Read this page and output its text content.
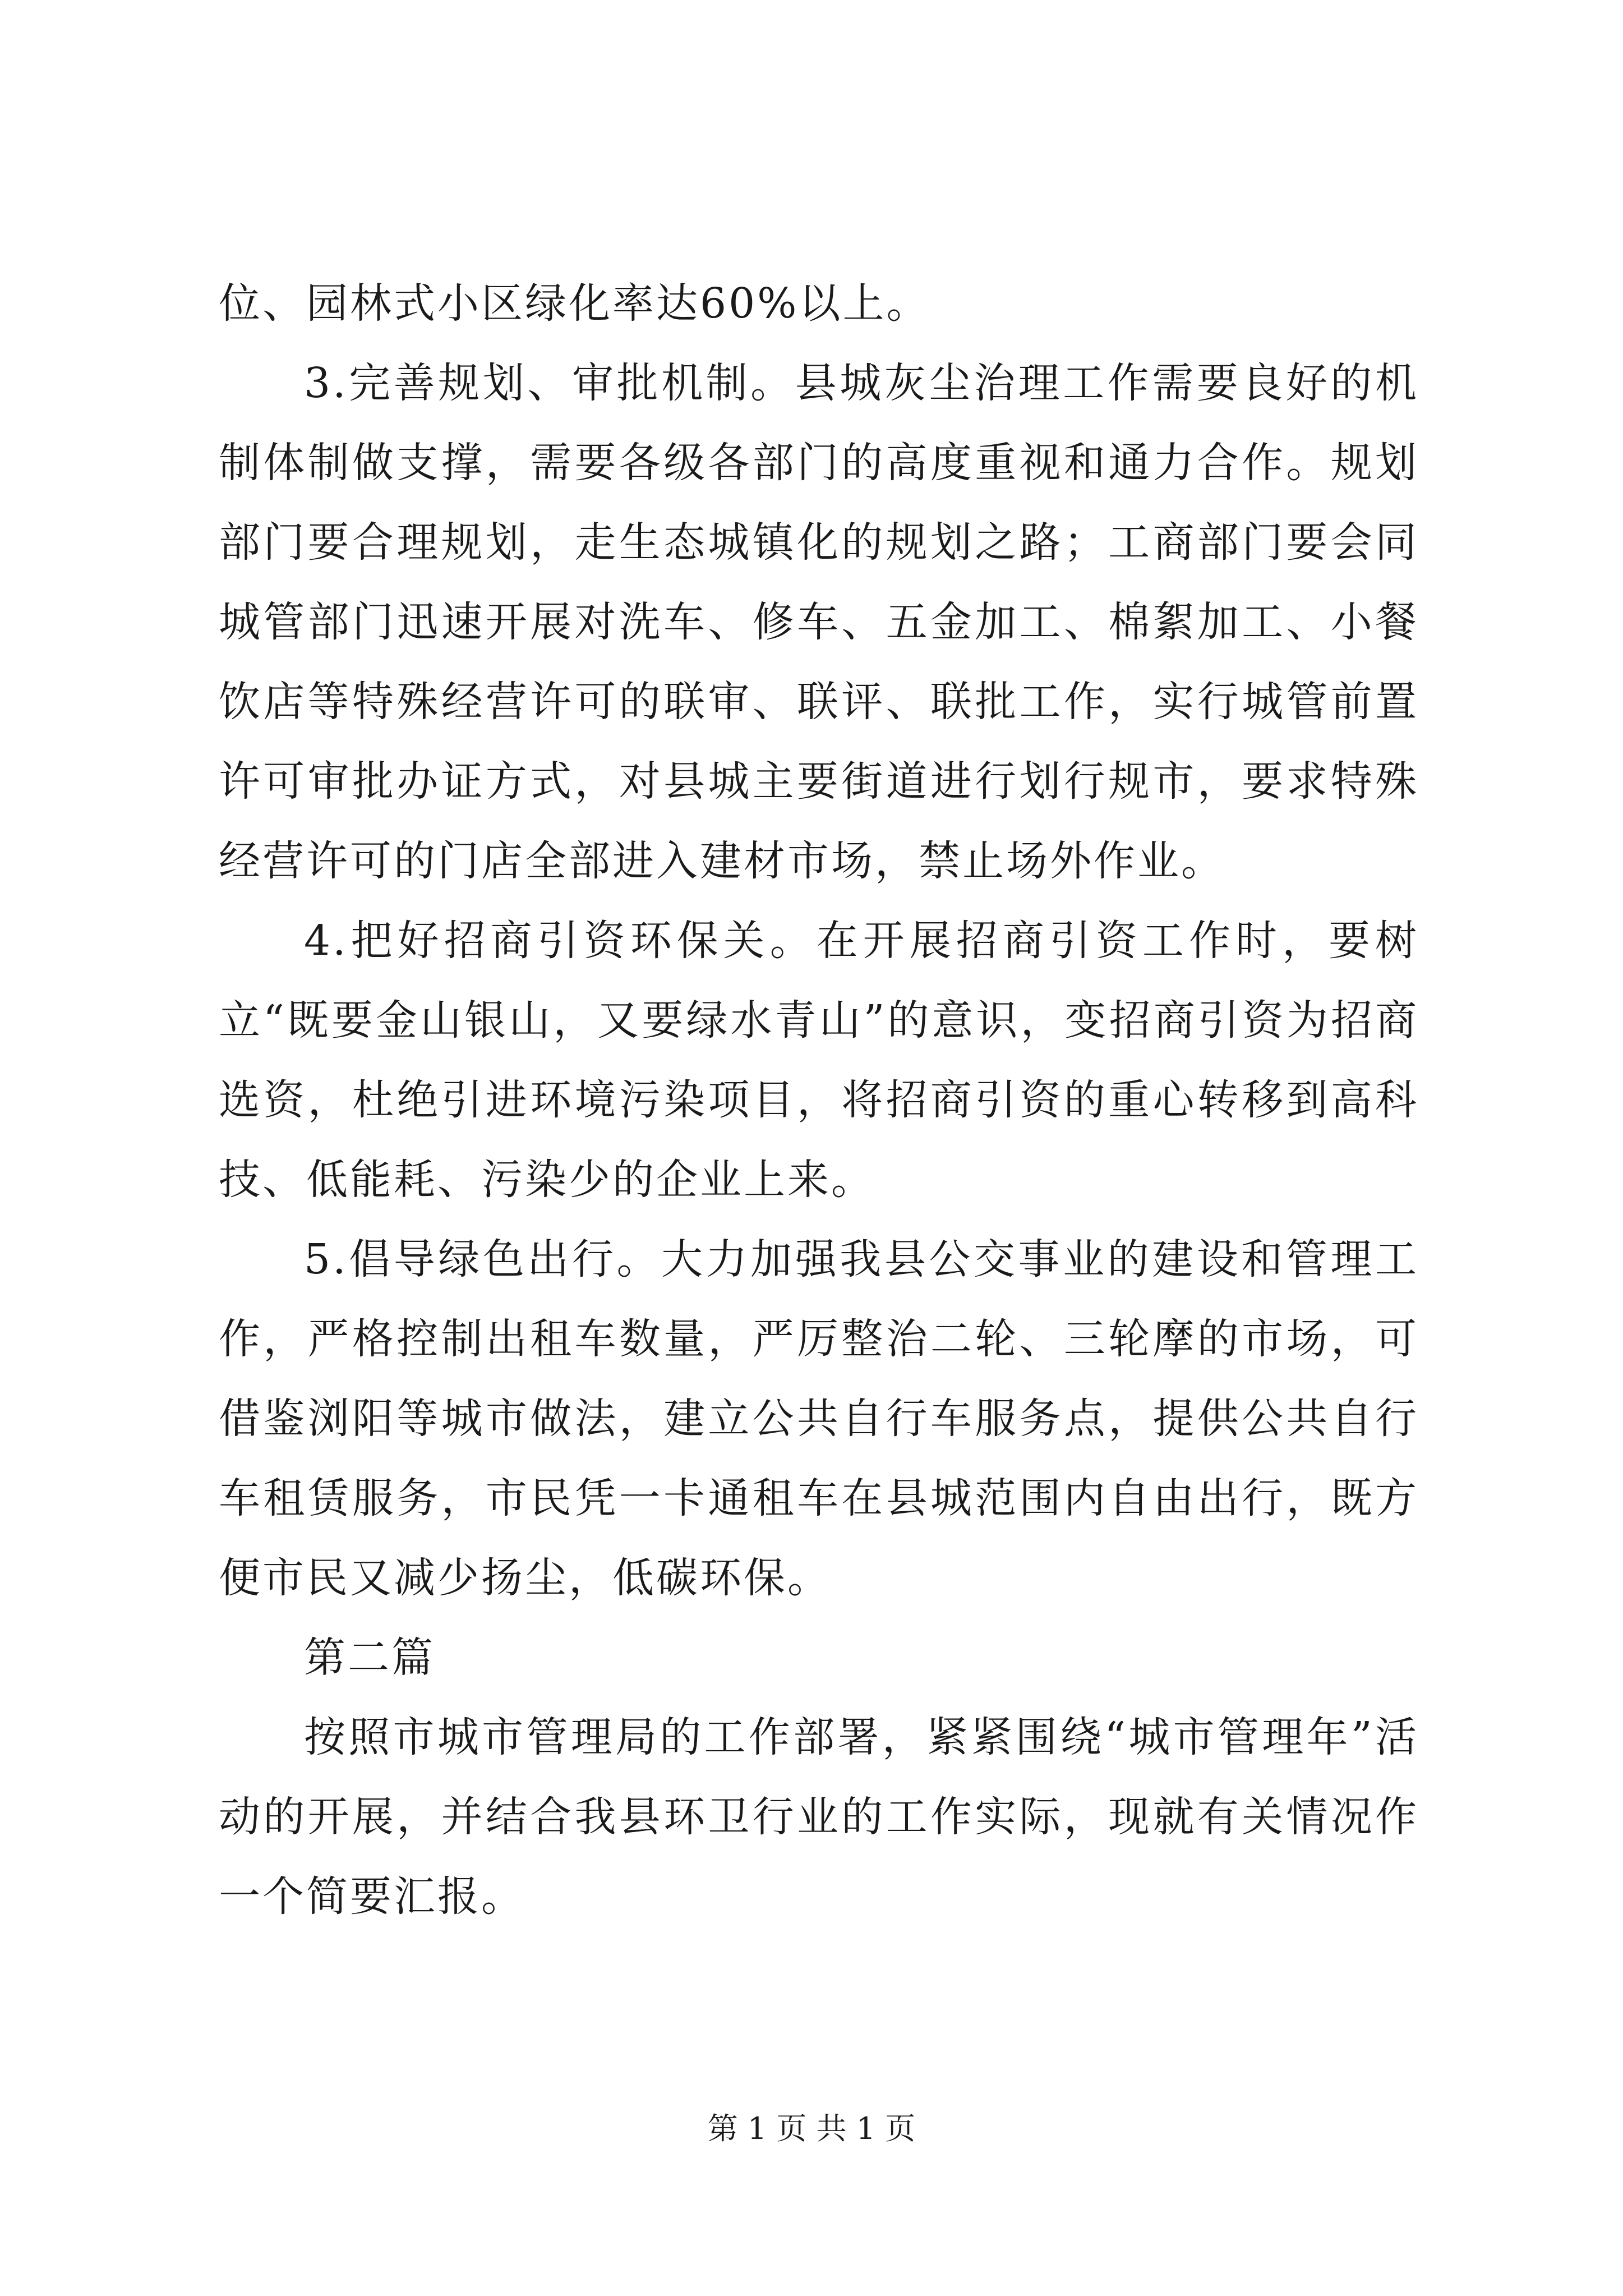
位、园林式小区绿化率达60%以上。

3.完善规划、审批机制。县城灰尘治理工作需要良好的机制体制做支撑，需要各级各部门的高度重视和通力合作。规划部门要合理规划，走生态城镇化的规划之路；工商部门要会同城管部门迅速开展对洗车、修车、五金加工、棉絮加工、小餐饮店等特殊经营许可的联审、联评、联批工作，实行城管前置许可审批办证方式，对县城主要街道进行划行规市，要求特殊经营许可的门店全部进入建材市场，禁止场外作业。

4.把好招商引资环保关。在开展招商引资工作时，要树立“既要金山银山，又要绿水青山”的意识，变招商引资为招商选资，杜绝引进环境污染项目，将招商引资的重心转移到高科技、低能耗、污染少的企业上来。

5.倡导绿色出行。大力加强我县公交事业的建设和管理工作，严格控制出租车数量，严厉整治二轮、三轮摩的市场，可借鉴浏阳等城市做法，建立公共自行车服务点，提供公共自行车租赁服务，市民凭一卡通租车在县城范围内自由出行，既方便市民又减少扬尘，低碳环保。

第二篇

按照市城市管理局的工作部署，紧紧围绕“城市管理年”活动的开展，并结合我县环卫行业的工作实际，现就有关情况作一个简要汇报。

第 1 页 共 1 页
